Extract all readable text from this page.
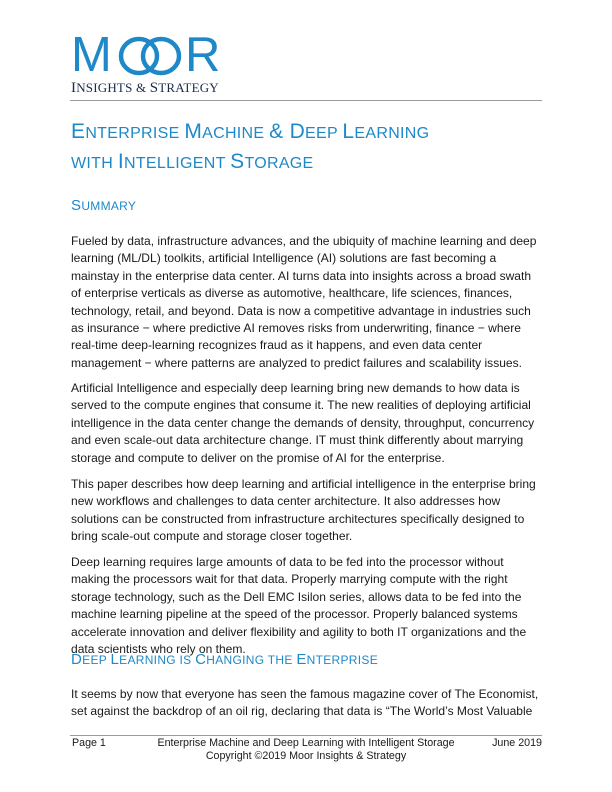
M R
INSIGHTS & STRATEGY
ENTERPRISE MACHINE & DEEP LEARNING
WITH INTELLIGENT STORAGE
SUMMARY

Fueled by data, infrastructure advances, and the ubiquity of machine learning and deep
learning (ML/DL) toolkits, artificial Intelligence (AI) solutions are fast becoming a
mainstay in the enterprise data center. AI turns data into insights across a broad swath
of enterprise verticals as diverse as automotive, healthcare, life sciences, finances,
technology, retail, and beyond. Data is now a competitive advantage in industries such
as insurance − where predictive AI removes risks from underwriting, finance − where
real-time deep-learning recognizes fraud as it happens, and even data center
management − where patterns are analyzed to predict failures and scalability issues.

Artificial Intelligence and especially deep learning bring new demands to how data is
served to the compute engines that consume it. The new realities of deploying artificial
intelligence in the data center change the demands of density, throughput, concurrency
and even scale-out data architecture change. IT must think differently about marrying
storage and compute to deliver on the promise of AI for the enterprise.

This paper describes how deep learning and artificial intelligence in the enterprise bring
new workflows and challenges to data center architecture. It also addresses how
solutions can be constructed from infrastructure architectures specifically designed to
bring scale-out compute and storage closer together.

Deep learning requires large amounts of data to be fed into the processor without
making the processors wait for that data. Properly marrying compute with the right
storage technology, such as the Dell EMC Isilon series, allows data to be fed into the
machine learning pipeline at the speed of the processor. Properly balanced systems
accelerate innovation and deliver flexibility and agility to both IT organizations and the
data scientists who rely on them.

DEEP LEARNING IS CHANGING THE ENTERPRISE

It seems by now that everyone has seen the famous magazine cover of The Economist,
set against the backdrop of an oil rig, declaring that data is “The World’s Most Valuable

Page 1	Enterprise Machine and Deep Learning with Intelligent Storage
Copyright ©2019 Moor Insights & Strategy
June 2019
